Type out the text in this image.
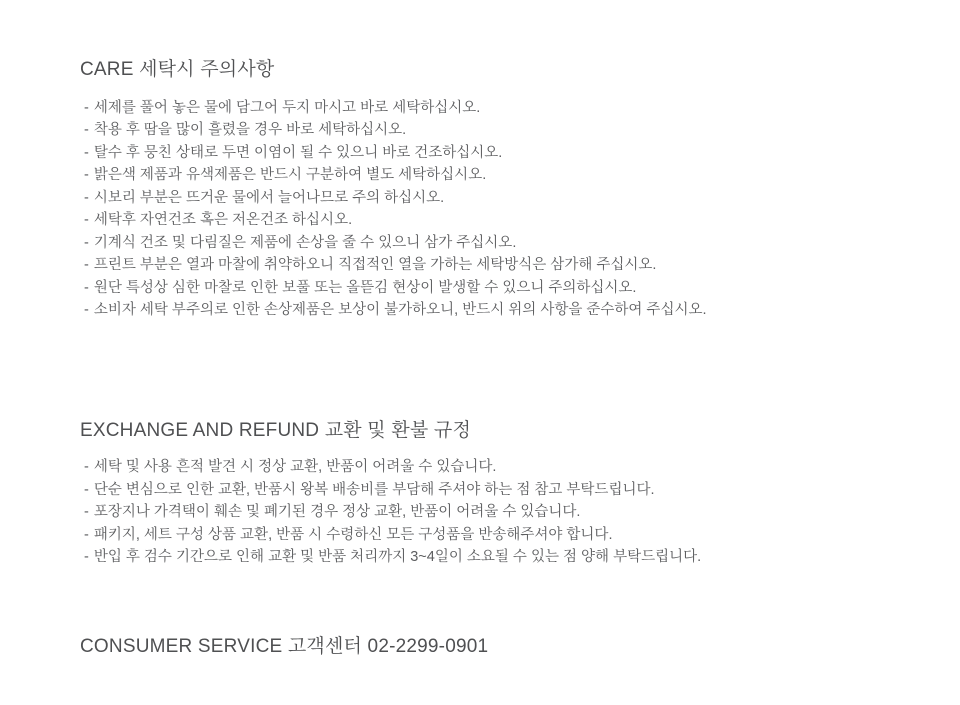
CARE 세탁시 주의사항
- 세제를 풀어 놓은 물에 담그어 두지 마시고 바로 세탁하십시오.
- 착용 후 땀을 많이 흘렸을 경우 바로 세탁하십시오.
- 탈수 후 뭉친 상태로 두면 이염이 될 수 있으니 바로 건조하십시오.
- 밝은색 제품과 유색제품은 반드시 구분하여 별도 세탁하십시오.
- 시보리 부분은 뜨거운 물에서 늘어나므로 주의 하십시오.
- 세탁후 자연건조 혹은 저온건조 하십시오.
- 기계식 건조 및 다림질은 제품에 손상을 줄 수 있으니 삼가 주십시오.
- 프린트 부분은 열과 마찰에 취약하오니 직접적인 열을 가하는 세탁방식은 삼가해 주십시오.
- 원단 특성상 심한 마찰로 인한 보풀 또는 올뜯김 현상이 발생할 수 있으니 주의하십시오.
- 소비자 세탁 부주의로 인한 손상제품은 보상이 불가하오니, 반드시 위의 사항을 준수하여 주십시오.
EXCHANGE AND REFUND 교환 및 환불 규정
- 세탁 및 사용 흔적 발견 시 정상 교환, 반품이 어려울 수 있습니다.
- 단순 변심으로 인한 교환, 반품시 왕복 배송비를 부담해 주셔야 하는 점 참고 부탁드립니다.
- 포장지나 가격택이 훼손 및 폐기된 경우 정상 교환, 반품이 어려울 수 있습니다.
- 패키지, 세트 구성 상품 교환, 반품 시 수령하신 모든 구성품을 반송해주셔야 합니다.
- 반입 후 검수 기간으로 인해 교환 및 반품 처리까지 3~4일이 소요될 수 있는 점 양해 부탁드립니다.
CONSUMER SERVICE 고객센터 02-2299-0901
